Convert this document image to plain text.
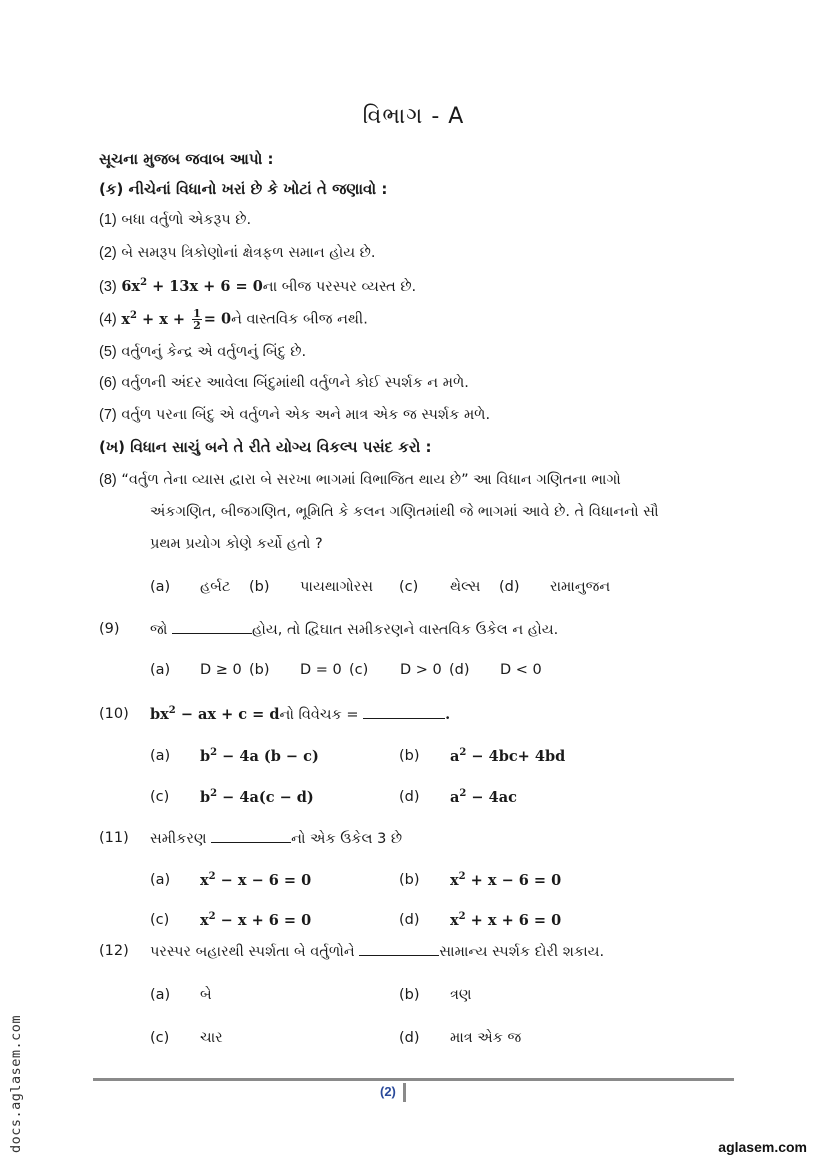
વિભાગ - A
સૂચના મુજબ જવાબ આપો :
(ક) નીચેનાં વિધાનો ખરાં છે કે ખોટાં તે જણાવો :
(1) બધા વર્તુળો એકરૂપ છે.
(2) બે સમરૂપ ત્રિકોણોનાં ક્ષેત્રફળ સમાન હોય છે.
(3) $6x^2 + 13x + 6$ = 0ના બીજ પરસ્પર વ્યસ્ત છે.
(4) $x^2 + x + \frac{1}{2}$ = 0ને વાસ્તવિક બીજ નથી.
(5) વર્તુળનું કેન્દ્ર એ વર્તુળનું બિંદુ છે.
(6) વર્તુળની અંદર આવેલા બિંદુમાંથી વર્તુળને કોઈ સ્પર્શક ન મળે.
(7) વર્તુળ પરના બિંદુ એ વર્તુળને એક અને માત્ર એક જ સ્પર્શક મળે.
(ખ) વિધાન સાચું બને તે રીતે યોગ્ય વિકલ્પ પસંદ કરો :
(8) “વર્તુળ તેના વ્યાસ દ્વારા બે સરખા ભાગમાં વિભાજિત થાય છે” આ વિધાન ગણિતના ભાગો
અંકગણિત, બીજગણિત, ભૂમિતિ કે કલન ગણિતમાંથી જે ભાગમાં આવે છે. તે વિધાનનો સૌ
પ્રથમ પ્રયોગ કોણે કર્યો હતો ?
(a) હર્બટ (b) પાયથાગોરસ (c) થેલ્સ (d) રામાનુજન
(9) જો	હોય, તો દ્વિઘાત સમીકરણને વાસ્તવિક ઉકેલ ન હોય.
(a) D ≥ 0 (b) D = 0 (c) D > 0 (d) D < 0
(10) $bx^2$ − ax + c = dનો વિવેચક =	.
(a) $b^2 - 4a$ (b − c)	(b) $a^2 - 4bc+ 4bd$
(c) $b^2 - 4a(c - d)$	(d) $a^2 - 4ac$
(11) સમીકરણ	નો એક ઉકેલ 3 છે
(a) $x^2 - x - 6 = 0$	(b) $x^2 + x - 6 = 0$
(c) $x^2 - x + 6 = 0$	(d) $x^2 + x + 6 = 0$
(12) પરસ્પર બહારથી સ્પર્શતા બે વર્તુળોને	સામાન્ય સ્પર્શક દોરી શકાય.
(a) બે	(b) ત્રણ
(c) ચાર	(d) માત્ર એક જ
(2)
docs.aglasem.com	aglasem.com
